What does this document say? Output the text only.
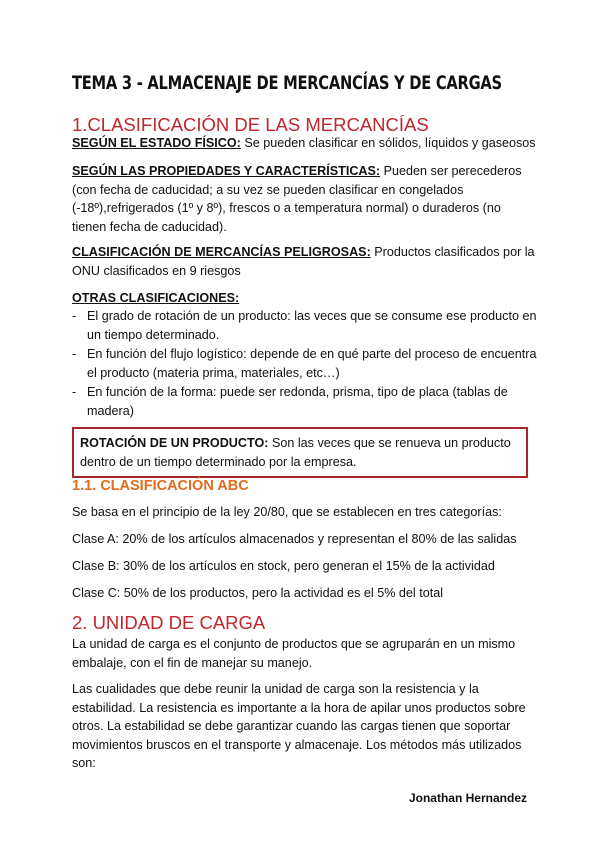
TEMA 3 - ALMACENAJE DE MERCANCÍAS Y DE CARGAS
1.CLASIFICACIÓN DE LAS MERCANCÍAS
SEGÚN EL ESTADO FÍSICO: Se pueden clasificar en sólidos, líquidos y gaseosos
SEGÚN LAS PROPIEDADES Y CARACTERÍSTICAS: Pueden ser perecederos (con fecha de caducidad; a su vez se pueden clasificar en congelados (-18º),refrigerados (1º y 8º), frescos o a temperatura normal) o duraderos (no tienen fecha de caducidad).
CLASIFICACIÓN DE MERCANCÍAS PELIGROSAS: Productos clasificados por la ONU clasificados en 9 riesgos
OTRAS CLASIFICACIONES:
- El grado de rotación de un producto: las veces que se consume ese producto en un tiempo determinado.
- En función del flujo logístico: depende de en qué parte del proceso de encuentra el producto (materia prima, materiales, etc…)
- En función de la forma: puede ser redonda, prisma, tipo de placa (tablas de madera)
ROTACIÓN DE UN PRODUCTO: Son las veces que se renueva un producto dentro de un tiempo determinado por la empresa.
1.1. CLASIFICACIÓN ABC
Se basa en el principio de la ley 20/80, que se establecen en tres categorías:
Clase A: 20% de los artículos almacenados y representan el 80% de las salidas
Clase B: 30% de los artículos en stock, pero generan el 15% de la actividad
Clase C: 50% de los productos, pero la actividad es el 5% del total
2. UNIDAD DE CARGA
La unidad de carga es el conjunto de productos que se agruparán en un mismo embalaje, con el fin de manejar su manejo.
Las cualidades que debe reunir la unidad de carga son la resistencia y la estabilidad. La resistencia es importante a la hora de apilar unos productos sobre otros. La estabilidad se debe garantizar cuando las cargas tienen que soportar movimientos bruscos en el transporte y almacenaje. Los métodos más utilizados son:
Jonathan Hernandez
